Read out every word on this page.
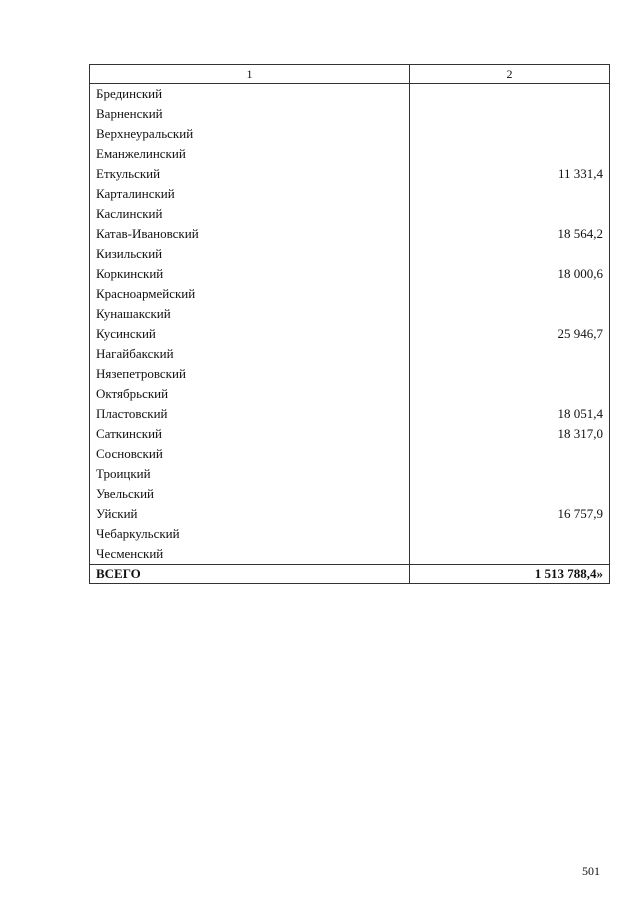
1	2
Брединский	
Варненский	
Верхнеуральский	
Еманжелинский	
Еткульский	11 331,4
Карталинский	
Каслинский	
Катав-Ивановский	18 564,2
Кизильский	
Коркинский	18 000,6
Красноармейский	
Кунашакский	
Кусинский	25 946,7
Нагайбакский	
Нязепетровский	
Октябрьский	
Пластовский	18 051,4
Саткинский	18 317,0
Сосновский	
Троицкий	
Увельский	
Уйский	16 757,9
Чебаркульский	
Чесменский	
ВСЕГО	1 513 788,4»
501
